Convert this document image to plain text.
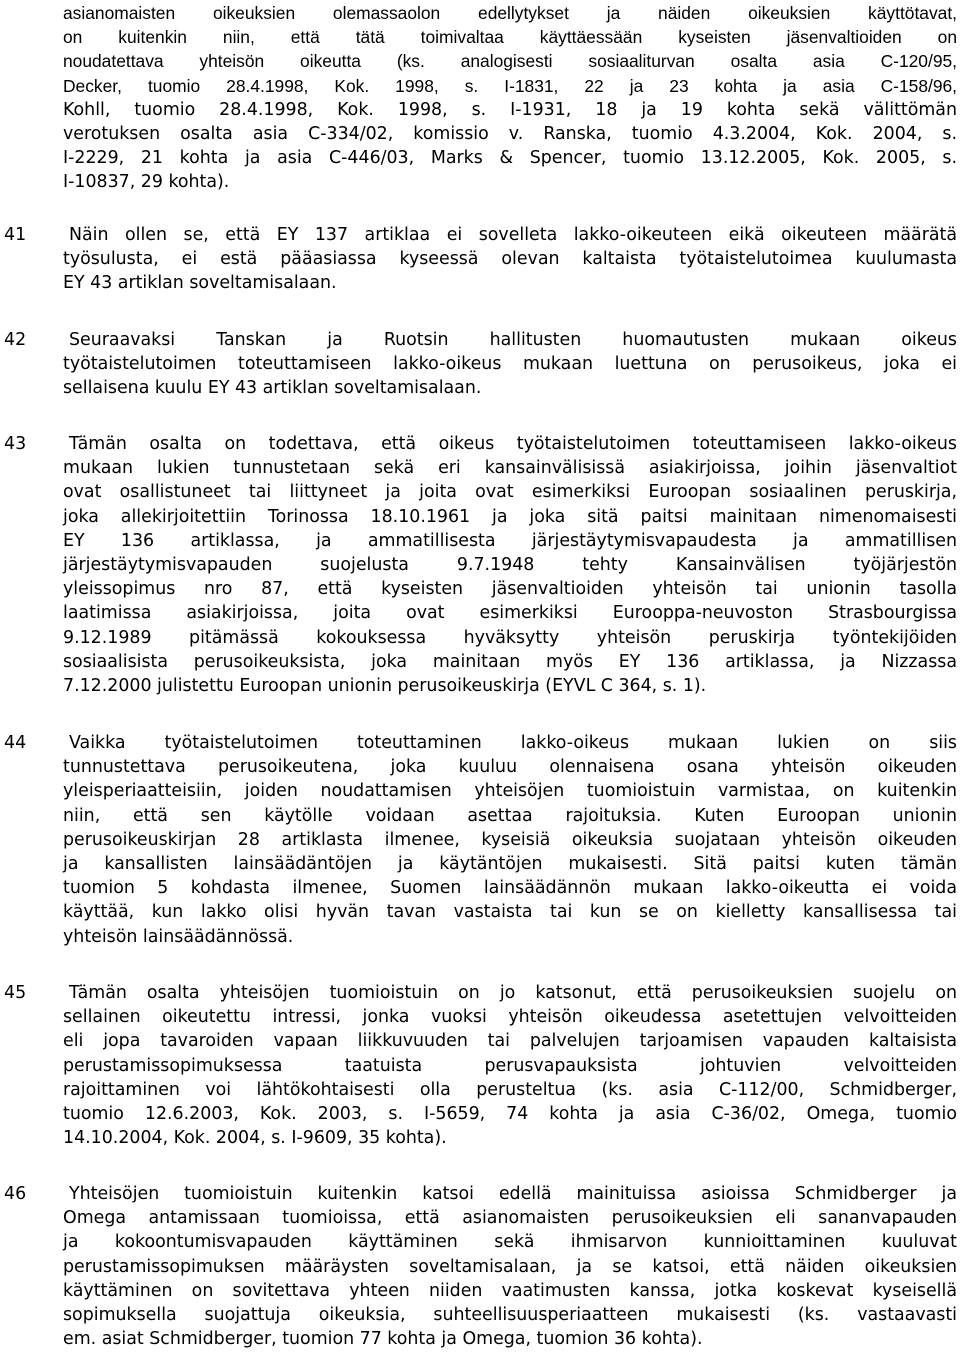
asianomaisten oikeuksien olemassaolon edellytykset ja näiden oikeuksien käyttötavat,
on kuitenkin niin, että tätä toimivaltaa käyttäessään kyseisten jäsenvaltioiden on
noudatettava yhteisön oikeutta (ks. analogisesti sosiaaliturvan osalta asia C-120/95,
Decker, tuomio 28.4.1998, Kok. 1998, s. I-1831, 22 ja 23 kohta ja asia C-158/96,
Kohll, tuomio 28.4.1998, Kok. 1998, s. I-1931, 18 ja 19 kohta sekä välittömän
verotuksen osalta asia C-334/02, komissio v. Ranska, tuomio 4.3.2004, Kok. 2004, s.
I-2229, 21 kohta ja asia C-446/03, Marks & Spencer, tuomio 13.12.2005, Kok. 2005, s.
I-10837, 29 kohta).
41	Näin ollen se, että EY 137 artiklaa ei sovelleta lakko-oikeuteen eikä oikeuteen määrätä
työsulusta, ei estä pääasiassa kyseessä olevan kaltaista työtaistelutoimea kuulumasta
EY 43 artiklan soveltamisalaan.
42	Seuraavaksi Tanskan ja Ruotsin hallitusten huomautusten mukaan oikeus
työtaistelutoimen toteuttamiseen lakko-oikeus mukaan luettuna on perusoikeus, joka ei
sellaisena kuulu EY 43 artiklan soveltamisalaan.
43	Tämän osalta on todettava, että oikeus työtaistelutoimen toteuttamiseen lakko-oikeus
mukaan lukien tunnustetaan sekä eri kansainvälisissä asiakirjoissa, joihin jäsenvaltiot
ovat osallistuneet tai liittyneet ja joita ovat esimerkiksi Euroopan sosiaalinen peruskirja,
joka allekirjoitettiin Torinossa 18.10.1961 ja joka sitä paitsi mainitaan nimenomaisesti
EY 136 artiklassa, ja ammatillisesta järjestäytymisvapaudesta ja ammatillisen
järjestäytymisvapauden suojelusta 9.7.1948 tehty Kansainvälisen työjärjestön
yleissopimus nro 87, että kyseisten jäsenvaltioiden yhteisön tai unionin tasolla
laatimissa asiakirjoissa, joita ovat esimerkiksi Eurooppa-neuvoston Strasbourgissa
9.12.1989 pitämässä kokouksessa hyväksytty yhteisön peruskirja työntekijöiden
sosiaalisista perusoikeuksista, joka mainitaan myös EY 136 artiklassa, ja Nizzassa
7.12.2000 julistettu Euroopan unionin perusoikeuskirja (EYVL C 364, s. 1).
44	Vaikka työtaistelutoimen toteuttaminen lakko-oikeus mukaan lukien on siis
tunnustettava perusoikeutena, joka kuuluu olennaisena osana yhteisön oikeuden
yleisperiaatteisiin, joiden noudattamisen yhteisöjen tuomioistuin varmistaa, on kuitenkin
niin, että sen käytölle voidaan asettaa rajoituksia. Kuten Euroopan unionin
perusoikeuskirjan 28 artiklasta ilmenee, kyseisiä oikeuksia suojataan yhteisön oikeuden
ja kansallisten lainsäädäntöjen ja käytäntöjen mukaisesti. Sitä paitsi kuten tämän
tuomion 5 kohdasta ilmenee, Suomen lainsäädännön mukaan lakko-oikeutta ei voida
käyttää, kun lakko olisi hyvän tavan vastaista tai kun se on kielletty kansallisessa tai
yhteisön lainsäädännössä.
45	Tämän osalta yhteisöjen tuomioistuin on jo katsonut, että perusoikeuksien suojelu on
sellainen oikeutettu intressi, jonka vuoksi yhteisön oikeudessa asetettujen velvoitteiden
eli jopa tavaroiden vapaan liikkuvuuden tai palvelujen tarjoamisen vapauden kaltaisista
perustamissopimuksessa taatuista perusvapauksista johtuvien velvoitteiden
rajoittaminen voi lähtökohtaisesti olla perusteltua (ks. asia C-112/00, Schmidberger,
tuomio 12.6.2003, Kok. 2003, s. I-5659, 74 kohta ja asia C-36/02, Omega, tuomio
14.10.2004, Kok. 2004, s. I-9609, 35 kohta).
46	Yhteisöjen tuomioistuin kuitenkin katsoi edellä mainituissa asioissa Schmidberger ja
Omega antamissaan tuomioissa, että asianomaisten perusoikeuksien eli sananvapauden
ja kokoontumisvapauden käyttäminen sekä ihmisarvon kunnioittaminen kuuluvat
perustamissopimuksen määräysten soveltamisalaan, ja se katsoi, että näiden oikeuksien
käyttäminen on sovitettava yhteen niiden vaatimusten kanssa, jotka koskevat kyseisellä
sopimuksella suojattuja oikeuksia, suhteellisuusperiaatteen mukaisesti (ks. vastaavasti
em. asiat Schmidberger, tuomion 77 kohta ja Omega, tuomion 36 kohta).
